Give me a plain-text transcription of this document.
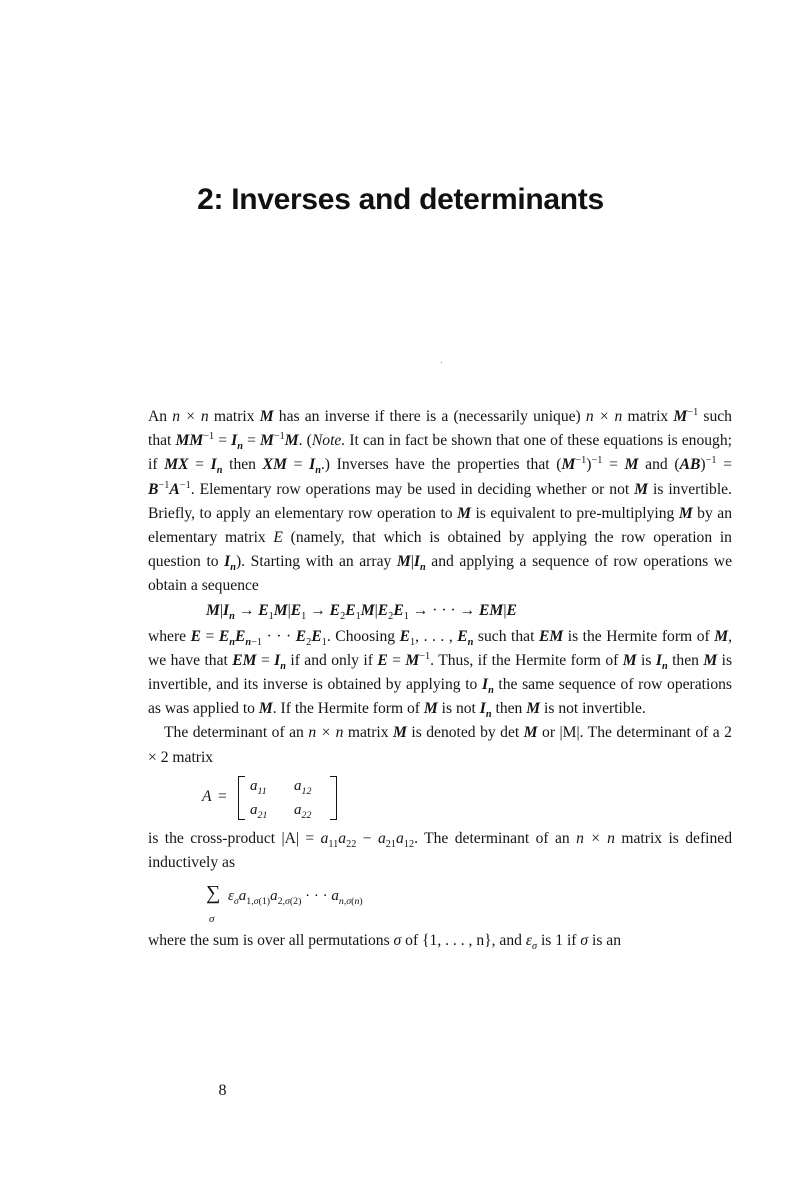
2: Inverses and determinants

An n × n matrix M has an inverse if there is a (necessarily unique) n × n matrix $M^{-1}$ such that $MM^{-1} = I_n = M^{-1}M$. (Note. It can in fact be shown that one of these equations is enough; if MX = $I_n$ then XM = $I_n$.) Inverses have the properties that $(M^{-1})^{-1} = M$ and $(AB)^{-1} = B^{-1}A^{-1}$. Elementary row operations may be used in deciding whether or not M is invertible. Briefly, to apply an elementary row operation to M is equivalent to pre-multiplying M by an elementary matrix E (namely, that which is obtained by applying the row operation in question to $I_n$). Starting with an array $M|I_n$ and applying a sequence of row operations we obtain a sequence

$M|I_n \to E_1M|E_1 \to E_2E_1M|E_2E_1$ → · · · → EM|E

where $E = E_nE_{n-1}$ · · · $E_2E_1$. Choosing $E_1$, . . . , $E_n$ such that EM is the Hermite form of M, we have that EM = $I_n$ if and only if $E = M^{-1}$. Thus, if the Hermite form of M is $I_n$ then M is invertible, and its inverse is obtained by applying to $I_n$ the same sequence of row operations as was applied to M. If the Hermite form of M is not $I_n$ then M is not invertible.

The determinant of an n × n matrix M is denoted by det M or |M|. The determinant of a 2 × 2 matrix

A =
$a_{11}$ $a_{12}$
$a_{21}$ $a_{22}$

is the cross-product $|A| = a_{11}a_{22} - a_{21}a_{12}$. The determinant of an n × n matrix is defined inductively as

∑
σ
$\varepsilon_\sigma a_{1,\sigma(1)}a_{2,\sigma(2)}$ · · · $a_{n,\sigma(n)}$

where the sum is over all permutations σ of {1, . . . , n}, and $\varepsilon_\sigma$ is 1 if σ is an

8
